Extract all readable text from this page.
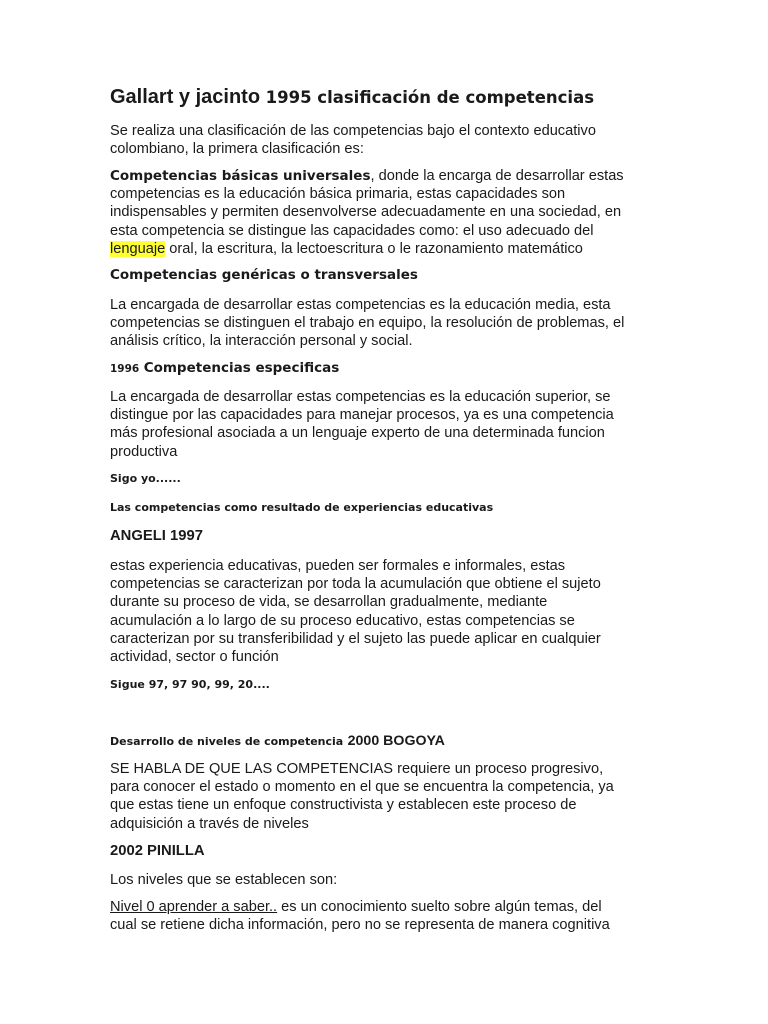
Gallart y jacinto 1995 clasificación de competencias
Se realiza una clasificación de las competencias bajo el contexto educativo
colombiano, la primera clasificación es:
Competencias básicas universales, donde la encarga de desarrollar estas
competencias es la educación básica primaria, estas capacidades son
indispensables y permiten desenvolverse adecuadamente en una sociedad, en
esta competencia se distingue las capacidades como: el uso adecuado del
lenguaje oral, la escritura, la lectoescritura o le razonamiento matemático
Competencias genéricas o transversales
La encargada de desarrollar estas competencias es la educación media, esta
competencias se distinguen el trabajo en equipo, la resolución de problemas, el
análisis crítico, la interacción personal y social.
1996 Competencias especificas
La encargada de desarrollar estas competencias es la educación superior, se
distingue por las capacidades para manejar procesos, ya es una competencia
más profesional asociada a un lenguaje experto de una determinada funcion
productiva
Sigo yo......
Las competencias como resultado de experiencias educativas
ANGELI 1997
estas experiencia educativas, pueden ser formales e informales, estas
competencias se caracterizan por toda la acumulación que obtiene el sujeto
durante su proceso de vida, se desarrollan gradualmente, mediante
acumulación a lo largo de su proceso educativo, estas competencias se
caracterizan por su transferibilidad y el sujeto las puede aplicar en cualquier
actividad, sector o función
Sigue 97, 97 90, 99, 20....
Desarrollo de niveles de competencia 2000 BOGOYA
SE HABLA DE QUE LAS COMPETENCIAS requiere un proceso progresivo,
para conocer el estado o momento en el que se encuentra la competencia, ya
que estas tiene un enfoque constructivista y establecen este proceso de
adquisición a través de niveles
2002 PINILLA
Los niveles que se establecen son:
Nivel 0 aprender a saber.. es un conocimiento suelto sobre algún temas, del
cual se retiene dicha información, pero no se representa de manera cognitiva
